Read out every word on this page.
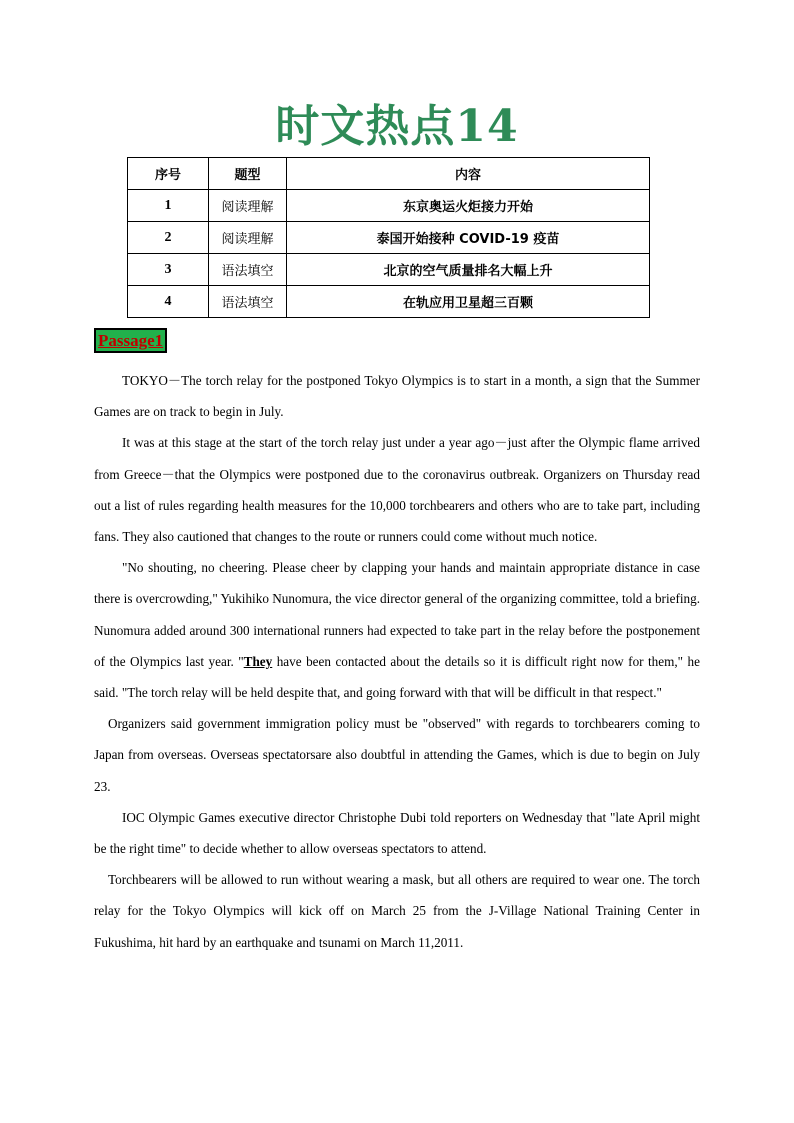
时文热点14
序号	题型	内容
1	阅读理解	东京奥运火炬接力开始
2	阅读理解	泰国开始接种 COVID-19 疫苗
3	语法填空	北京的空气质量排名大幅上升
4	语法填空	在轨应用卫星超三百颗
Passage1

TOKYO－The torch relay for the postponed Tokyo Olympics is to start in a month, a sign that the Summer Games are on track to begin in July.

It was at this stage at the start of the torch relay just under a year ago－just after the Olympic flame arrived from Greece－that the Olympics were postponed due to the coronavirus outbreak. Organizers on Thursday read out a list of rules regarding health measures for the 10,000 torchbearers and others who are to take part, including fans. They also cautioned that changes to the route or runners could come without much notice.

"No shouting, no cheering. Please cheer by clapping your hands and maintain appropriate distance in case there is overcrowding," Yukihiko Nunomura, the vice director general of the organizing committee, told a briefing. Nunomura added around 300 international runners had expected to take part in the relay before the postponement of the Olympics last year. "They have been contacted about the details so it is difficult right now for them," he said. "The torch relay will be held despite that, and going forward with that will be difficult in that respect."

Organizers said government immigration policy must be "observed" with regards to torchbearers coming to Japan from overseas. Overseas spectatorsare also doubtful in attending the Games, which is due to begin on July 23.

IOC Olympic Games executive director Christophe Dubi told reporters on Wednesday that "late April might be the right time" to decide whether to allow overseas spectators to attend.

Torchbearers will be allowed to run without wearing a mask, but all others are required to wear one. The torch relay for the Tokyo Olympics will kick off on March 25 from the J-Village National Training Center in Fukushima, hit hard by an earthquake and tsunami on March 11,2011.
